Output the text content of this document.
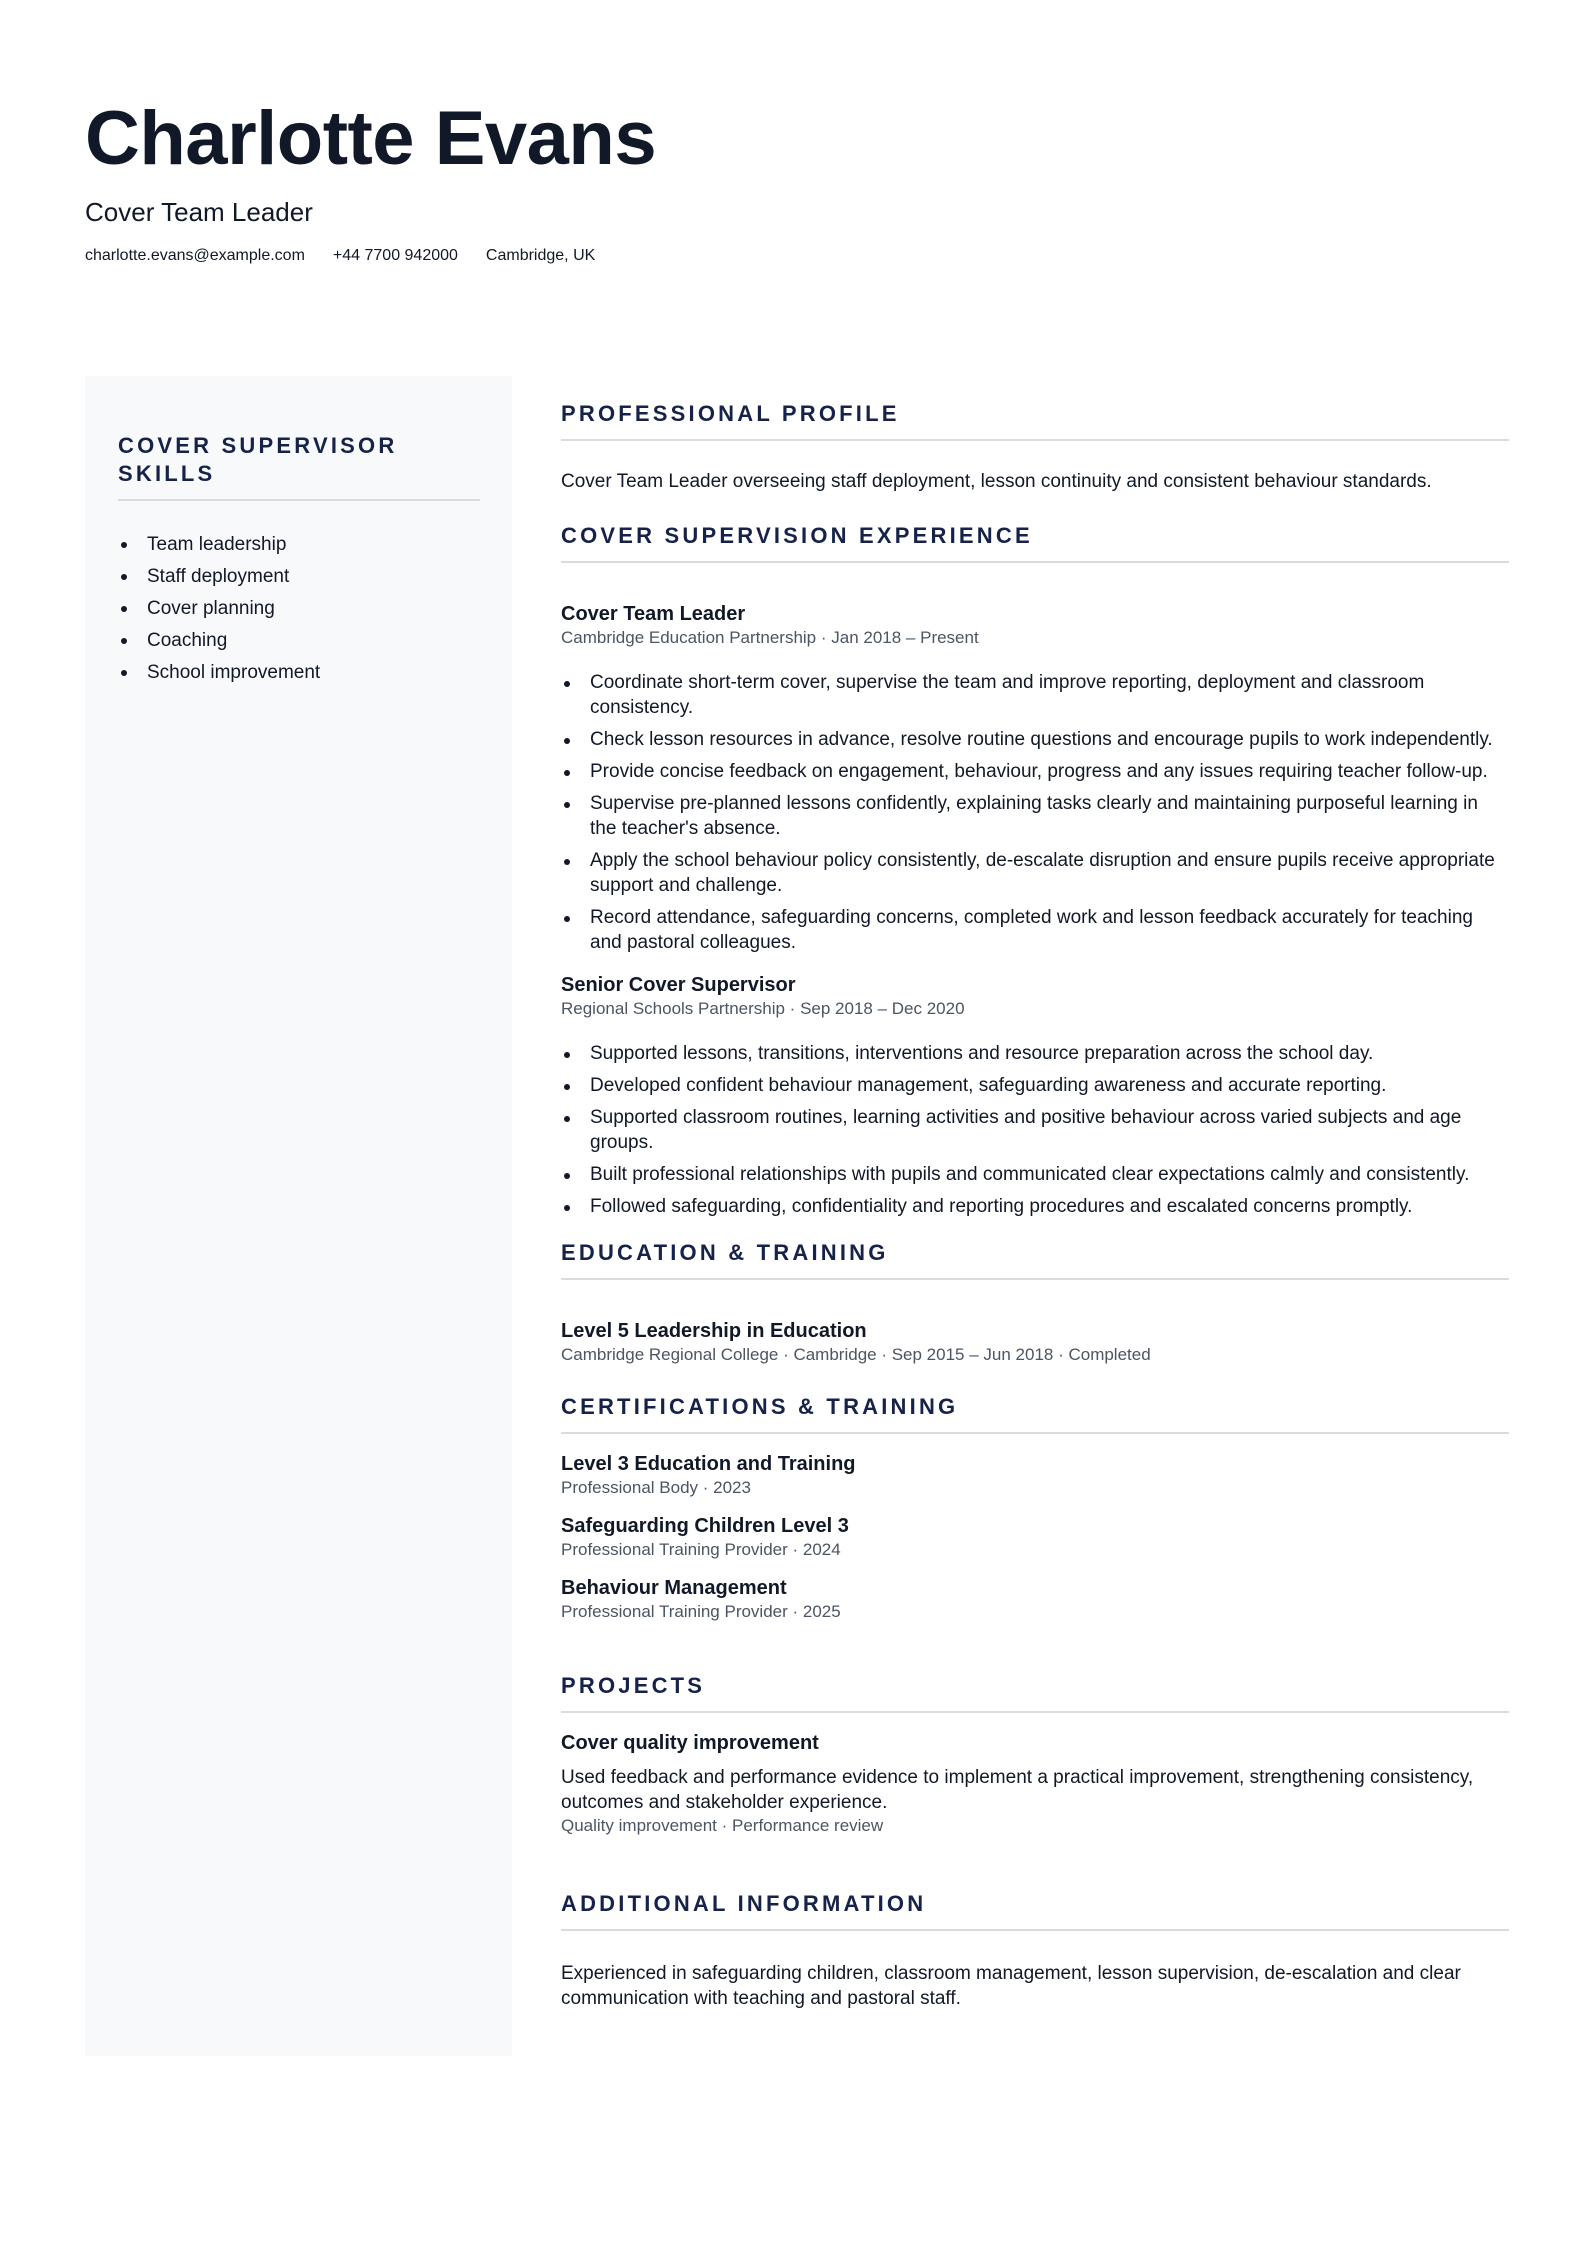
Charlotte Evans
Cover Team Leader
charlotte.evans@example.com +44 7700 942000 Cambridge, UK
COVER SUPERVISOR SKILLS
Team leadership
Staff deployment
Cover planning
Coaching
School improvement
PROFESSIONAL PROFILE
Cover Team Leader overseeing staff deployment, lesson continuity and consistent behaviour standards.
COVER SUPERVISION EXPERIENCE
Cover Team Leader
Cambridge Education Partnership · Jan 2018 – Present
Coordinate short-term cover, supervise the team and improve reporting, deployment and classroom consistency.
Check lesson resources in advance, resolve routine questions and encourage pupils to work independently.
Provide concise feedback on engagement, behaviour, progress and any issues requiring teacher follow-up.
Supervise pre-planned lessons confidently, explaining tasks clearly and maintaining purposeful learning in the teacher's absence.
Apply the school behaviour policy consistently, de-escalate disruption and ensure pupils receive appropriate support and challenge.
Record attendance, safeguarding concerns, completed work and lesson feedback accurately for teaching and pastoral colleagues.
Senior Cover Supervisor
Regional Schools Partnership · Sep 2018 – Dec 2020
Supported lessons, transitions, interventions and resource preparation across the school day.
Developed confident behaviour management, safeguarding awareness and accurate reporting.
Supported classroom routines, learning activities and positive behaviour across varied subjects and age groups.
Built professional relationships with pupils and communicated clear expectations calmly and consistently.
Followed safeguarding, confidentiality and reporting procedures and escalated concerns promptly.
EDUCATION & TRAINING
Level 5 Leadership in Education
Cambridge Regional College · Cambridge · Sep 2015 – Jun 2018 · Completed
CERTIFICATIONS & TRAINING
Level 3 Education and Training
Professional Body · 2023
Safeguarding Children Level 3
Professional Training Provider · 2024
Behaviour Management
Professional Training Provider · 2025
PROJECTS
Cover quality improvement
Used feedback and performance evidence to implement a practical improvement, strengthening consistency, outcomes and stakeholder experience.
Quality improvement · Performance review
ADDITIONAL INFORMATION
Experienced in safeguarding children, classroom management, lesson supervision, de-escalation and clear communication with teaching and pastoral staff.
